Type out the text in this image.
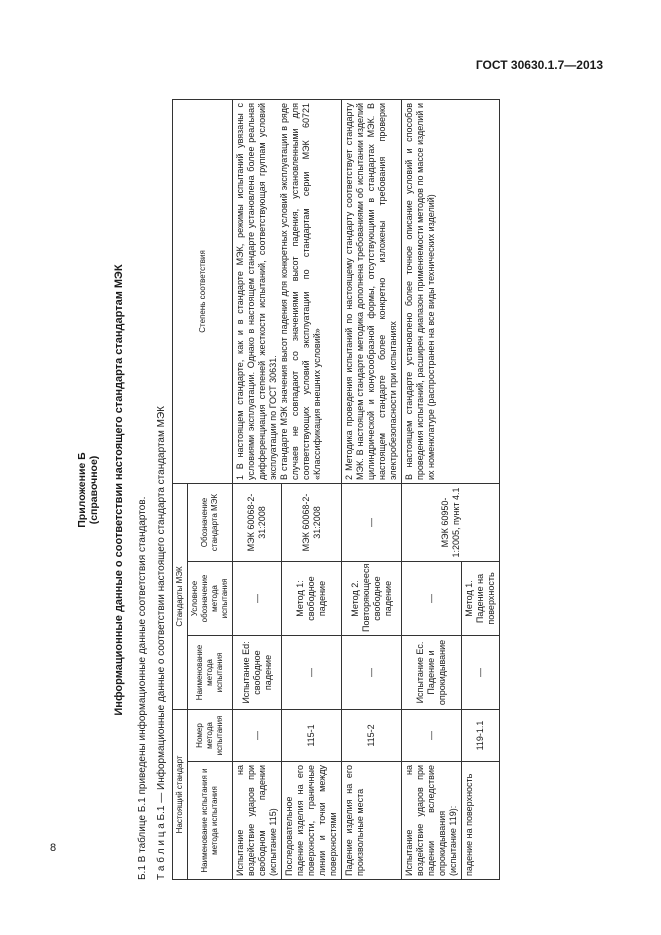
ГОСТ 30630.1.7—2013
8

Приложение Б (справочное) Информационные данные о соответствии настоящего стандарта стандартам МЭК Б.1 В таблице Б.1 приведены информационные данные соответствия стандартов. Т а б л и ц а Б.1 — Информационные данные о соответствии настоящего стандарта стандартам МЭК Настоящий стандарт		Стандарты МЭК			Степень соответствия
Наименование испытания и метода испытания	Номер метода испытания	Наименование метода испытания	Условное обозначение метода испытания	Обозначение стандарта МЭК	
Испытание на воздействие ударов при свободном падении (испытание 115)	—	Испытание Ed: свободное падение	—	МЭК 60068-2-31:2008	1 В настоящем стандарте, как и в стандарте МЭК, режимы испытаний увязаны с условиями эксплуатации. Однако в настоящем стандарте установлена более реальная дифференциация степеней жесткости испытаний, соответствующая группам условий эксплуатации по ГОСТ 30631.
В стандарте МЭК значения высот падения для конкретных условий эксплуатации в ряде случаев не совпадают со значениями высот падения, установленными для соответствующих условий эксплуатации по стандартам серии МЭК 60721 «Классификация внешних условий»
Последовательное падение изделия на его поверхности, граничные линии и точки между поверхностями	115-1	—	Метод 1: свободное падение	МЭК 60068-2-31:2008	
Падение изделия на его произвольные места	115-2	—	Метод 2. Повторяющееся свободное падение	—	2 Методика проведения испытаний по настоящему стандарту соответствует стандарту МЭК. В настоящем стандарте методика дополнена требованиями об испытании изделий цилиндрической и конусообразной формы, отсутствующими в стандартах МЭК. В настоящем стандарте более конкретно изложены требования проверки электробезопасности при испытаниях
Испытание на воздействие ударов при падении вследствие опрокидывания (испытание 119):	—	Испытание Ec. Падение и опрокидывание	—	МЭК 60950-1:2005, пункт 4.1	В настоящем стандарте установлено более точное описание условий и способов проведения испытаний, расширен диапазон применяемости методов по массе изделий и их номенклатуре (распространен на все виды технических изделий)
падение на поверхность	119-1.1	—	Метод 1. Падение на поверхность		
